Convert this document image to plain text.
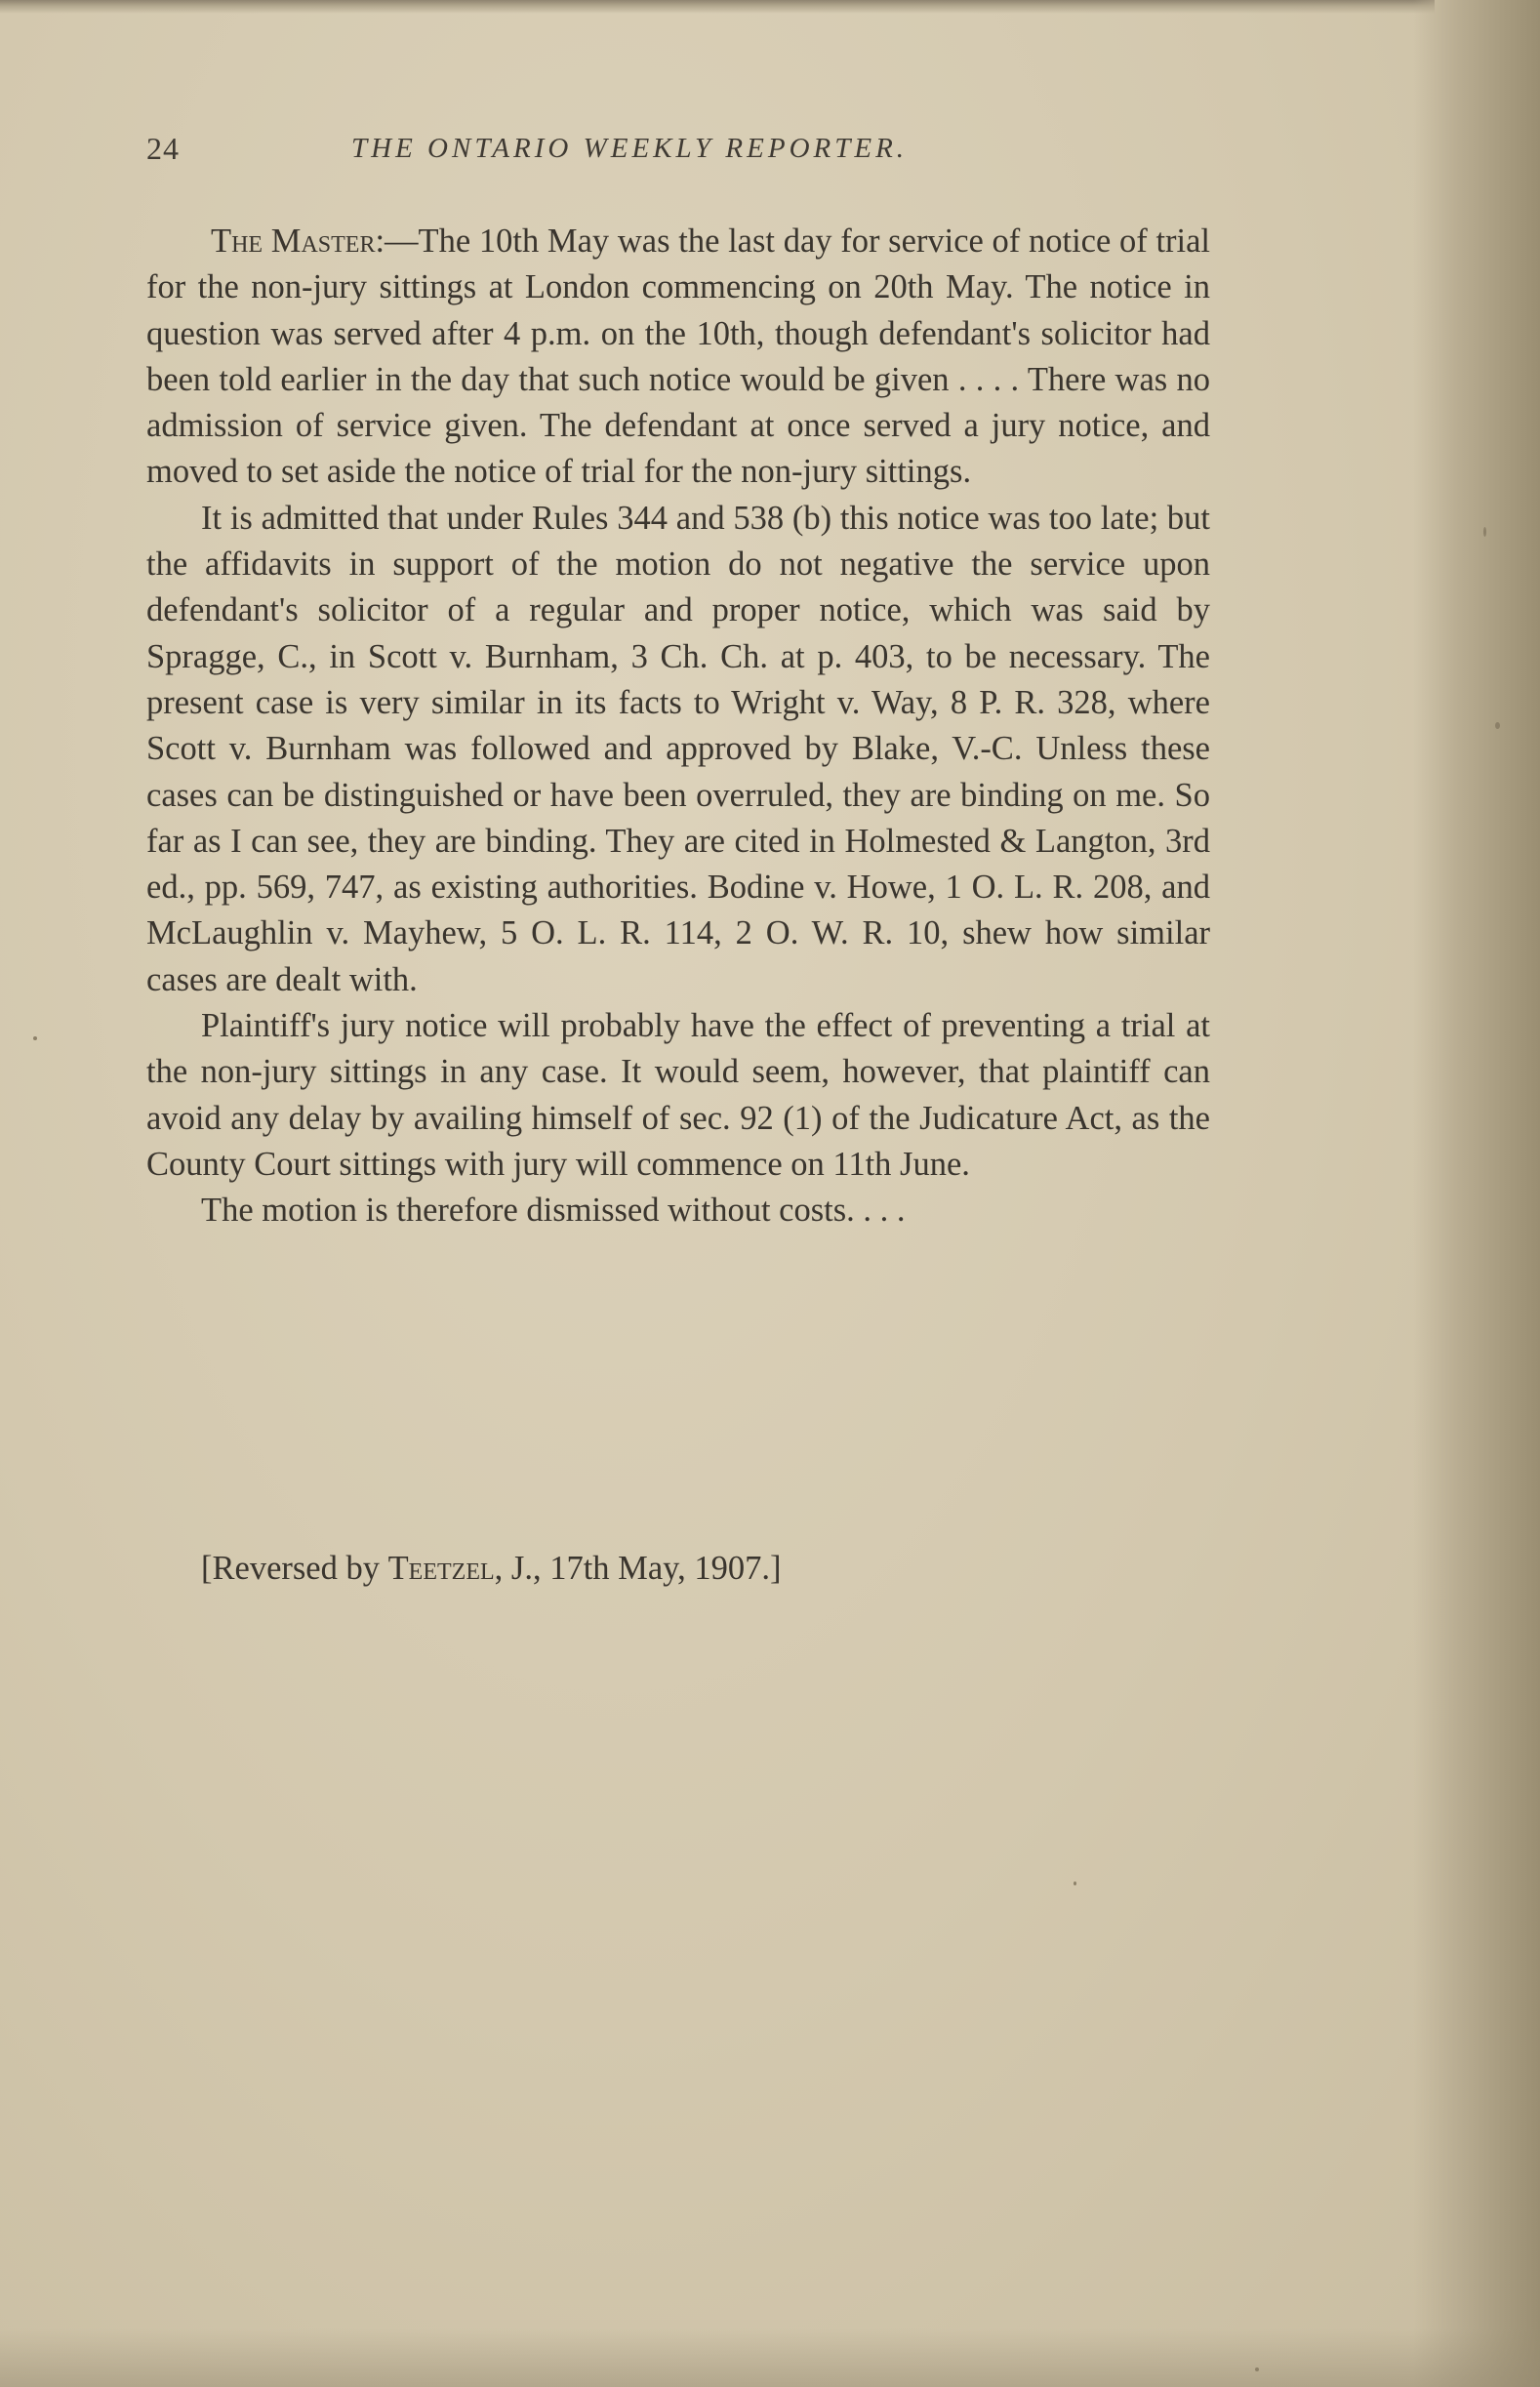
24	THE ONTARIO WEEKLY REPORTER.

The Master:—The 10th May was the last day for service of notice of trial for the non-jury sittings at London commencing on 20th May. The notice in question was served after 4 p.m. on the 10th, though defendant's solicitor had been told earlier in the day that such notice would be given . . . . There was no admission of service given. The defendant at once served a jury notice, and moved to set aside the notice of trial for the non-jury sittings.

It is admitted that under Rules 344 and 538 (b) this notice was too late; but the affidavits in support of the motion do not negative the service upon defendant's solicitor of a regular and proper notice, which was said by Spragge, C., in Scott v. Burnham, 3 Ch. Ch. at p. 403, to be necessary. The present case is very similar in its facts to Wright v. Way, 8 P. R. 328, where Scott v. Burnham was followed and approved by Blake, V.-C. Unless these cases can be distinguished or have been overruled, they are binding on me. So far as I can see, they are binding. They are cited in Holmested & Langton, 3rd ed., pp. 569, 747, as existing authorities. Bodine v. Howe, 1 O. L. R. 208, and McLaughlin v. Mayhew, 5 O. L. R. 114, 2 O. W. R. 10, shew how similar cases are dealt with.

Plaintiff's jury notice will probably have the effect of preventing a trial at the non-jury sittings in any case. It would seem, however, that plaintiff can avoid any delay by availing himself of sec. 92 (1) of the Judicature Act, as the County Court sittings with jury will commence on 11th June.

The motion is therefore dismissed without costs. . . .

[Reversed by Teetzel, J., 17th May, 1907.]
